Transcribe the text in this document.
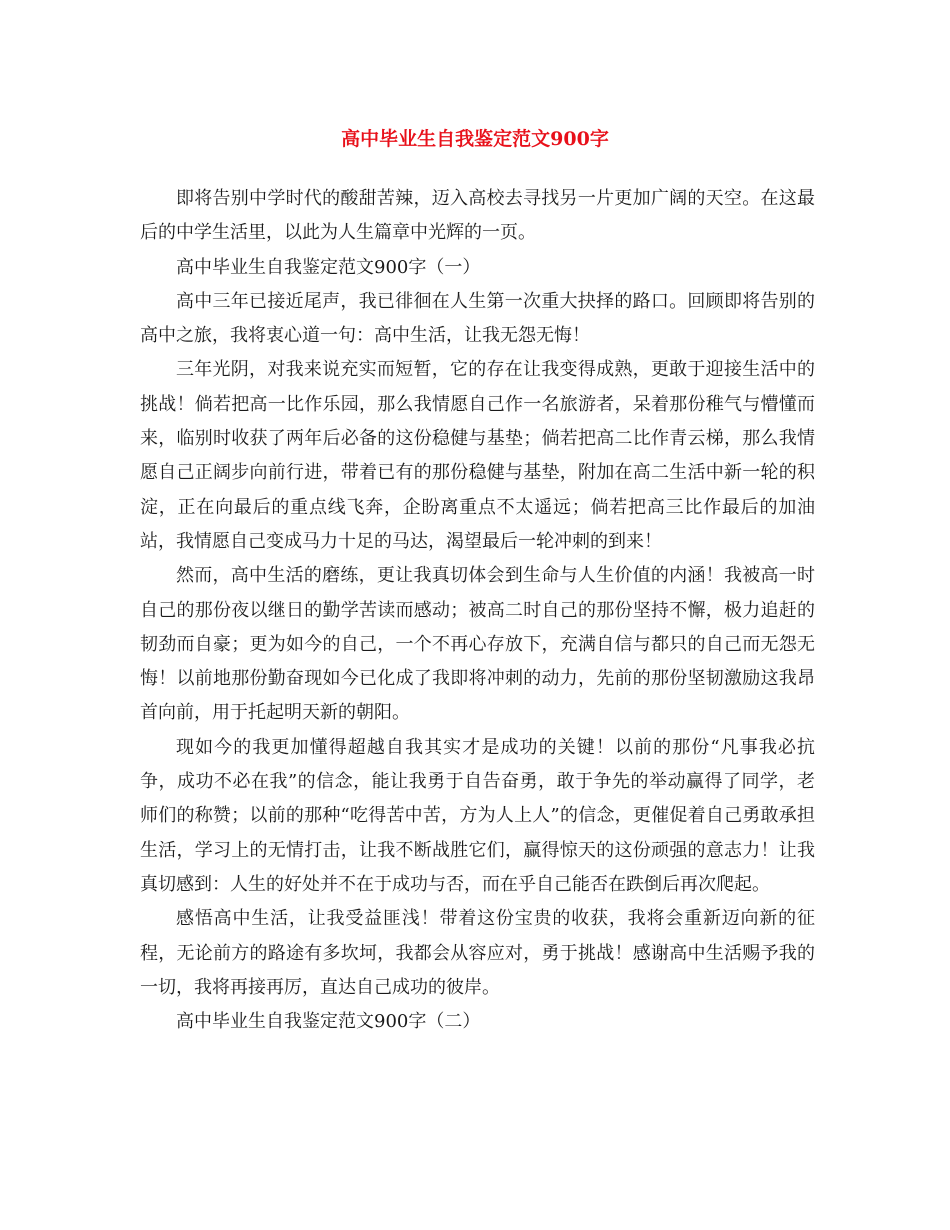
高中毕业生自我鉴定范文900字

即将告别中学时代的酸甜苦辣，迈入高校去寻找另一片更加广阔的天空。在这最后的中学生活里，以此为人生篇章中光辉的一页。

高中毕业生自我鉴定范文900字（一）

高中三年已接近尾声，我已徘徊在人生第一次重大抉择的路口。回顾即将告别的高中之旅，我将衷心道一句：高中生活，让我无怨无悔！

三年光阴，对我来说充实而短暂，它的存在让我变得成熟，更敢于迎接生活中的挑战！倘若把高一比作乐园，那么我情愿自己作一名旅游者，呆着那份稚气与懵懂而来，临别时收获了两年后必备的这份稳健与基垫；倘若把高二比作青云梯，那么我情愿自己正阔步向前行进，带着已有的那份稳健与基垫，附加在高二生活中新一轮的积淀，正在向最后的重点线飞奔，企盼离重点不太遥远；倘若把高三比作最后的加油站，我情愿自己变成马力十足的马达，渴望最后一轮冲刺的到来！

然而，高中生活的磨练，更让我真切体会到生命与人生价值的内涵！我被高一时自己的那份夜以继日的勤学苦读而感动；被高二时自己的那份坚持不懈，极力追赶的韧劲而自豪；更为如今的自己，一个不再心存放下，充满自信与都只的自己而无怨无悔！以前地那份勤奋现如今已化成了我即将冲刺的动力，先前的那份坚韧激励这我昂首向前，用于托起明天新的朝阳。

现如今的我更加懂得超越自我其实才是成功的关键！以前的那份“凡事我必抗争，成功不必在我”的信念，能让我勇于自告奋勇，敢于争先的举动赢得了同学，老师们的称赞；以前的那种“吃得苦中苦，方为人上人”的信念，更催促着自己勇敢承担生活，学习上的无情打击，让我不断战胜它们，赢得惊天的这份顽强的意志力！让我真切感到：人生的好处并不在于成功与否，而在乎自己能否在跌倒后再次爬起。

感悟高中生活，让我受益匪浅！带着这份宝贵的收获，我将会重新迈向新的征程，无论前方的路途有多坎坷，我都会从容应对，勇于挑战！感谢高中生活赐予我的一切，我将再接再厉，直达自己成功的彼岸。

高中毕业生自我鉴定范文900字（二）
